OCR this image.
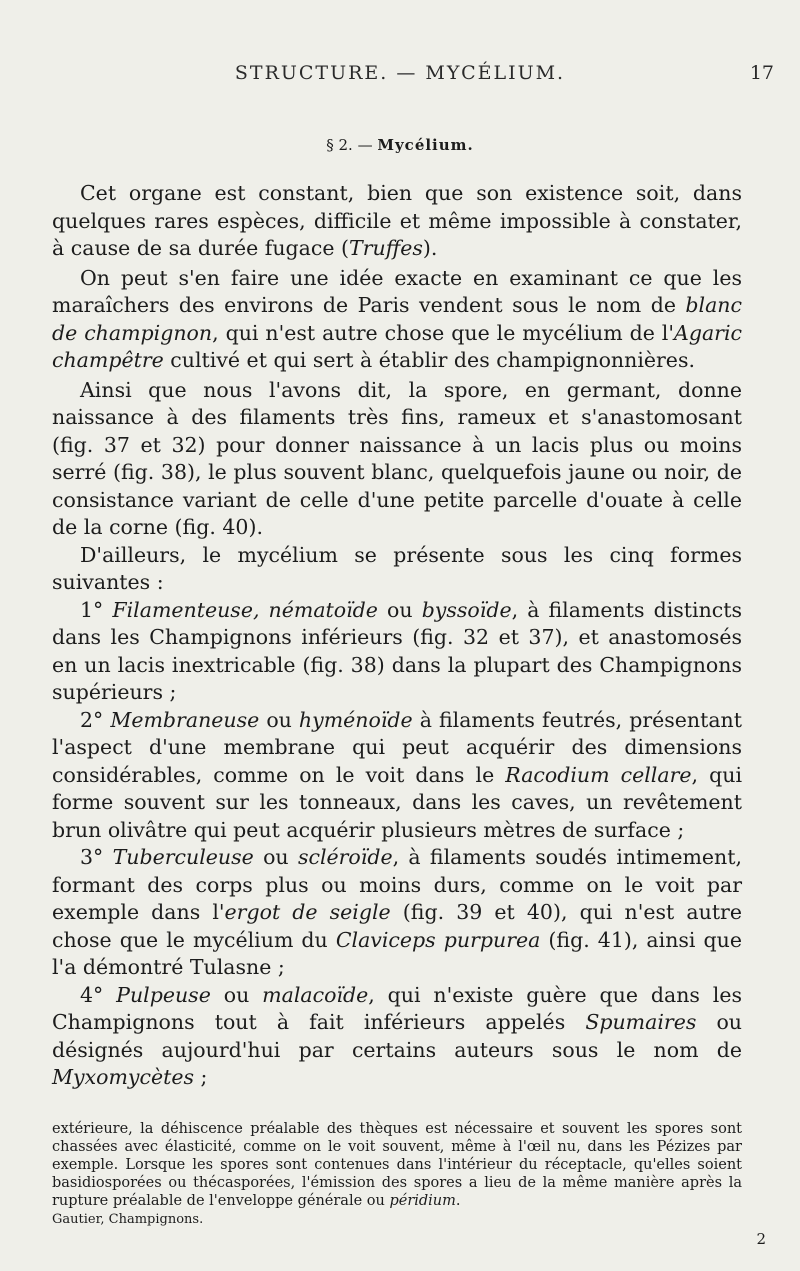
STRUCTURE. — MYCÉLIUM.	17
§ 2. — Mycélium.

Cet organe est constant, bien que son existence soit, dans quelques rares espèces, difficile et même impossible à constater, à cause de sa durée fugace (Truffes).

On peut s'en faire une idée exacte en examinant ce que les maraîchers des environs de Paris vendent sous le nom de blanc de champignon, qui n'est autre chose que le mycélium de l'Agaric champêtre cultivé et qui sert à établir des champignonnières.

Ainsi que nous l'avons dit, la spore, en germant, donne naissance à des filaments très fins, rameux et s'anastomosant (fig. 37 et 32) pour donner naissance à un lacis plus ou moins serré (fig. 38), le plus souvent blanc, quelquefois jaune ou noir, de consistance variant de celle d'une petite parcelle d'ouate à celle de la corne (fig. 40).

D'ailleurs, le mycélium se présente sous les cinq formes suivantes :

1° Filamenteuse, nématoïde ou byssoïde, à filaments distincts dans les Champignons inférieurs (fig. 32 et 37), et anastomosés en un lacis inextricable (fig. 38) dans la plupart des Champignons supérieurs ;

2° Membraneuse ou hyménoïde à filaments feutrés, présentant l'aspect d'une membrane qui peut acquérir des dimensions considérables, comme on le voit dans le Racodium cellare, qui forme souvent sur les tonneaux, dans les caves, un revêtement brun olivâtre qui peut acquérir plusieurs mètres de surface ;

3° Tuberculeuse ou scléroïde, à filaments soudés intimement, formant des corps plus ou moins durs, comme on le voit par exemple dans l'ergot de seigle (fig. 39 et 40), qui n'est autre chose que le mycélium du Claviceps purpurea (fig. 41), ainsi que l'a démontré Tulasne ;

4° Pulpeuse ou malacoïde, qui n'existe guère que dans les Champignons tout à fait inférieurs appelés Spumaires ou désignés aujourd'hui par certains auteurs sous le nom de Myxomycètes ;

extérieure, la déhiscence préalable des thèques est nécessaire et souvent les spores sont chassées avec élasticité, comme on le voit souvent, même à l'œil nu, dans les Pézizes par exemple. Lorsque les spores sont contenues dans l'intérieur du réceptacle, qu'elles soient basidiosporées ou thécasporées, l'émission des spores a lieu de la même manière après la rupture préalable de l'enveloppe générale ou péridium.
Gautier, Champignons.
2
